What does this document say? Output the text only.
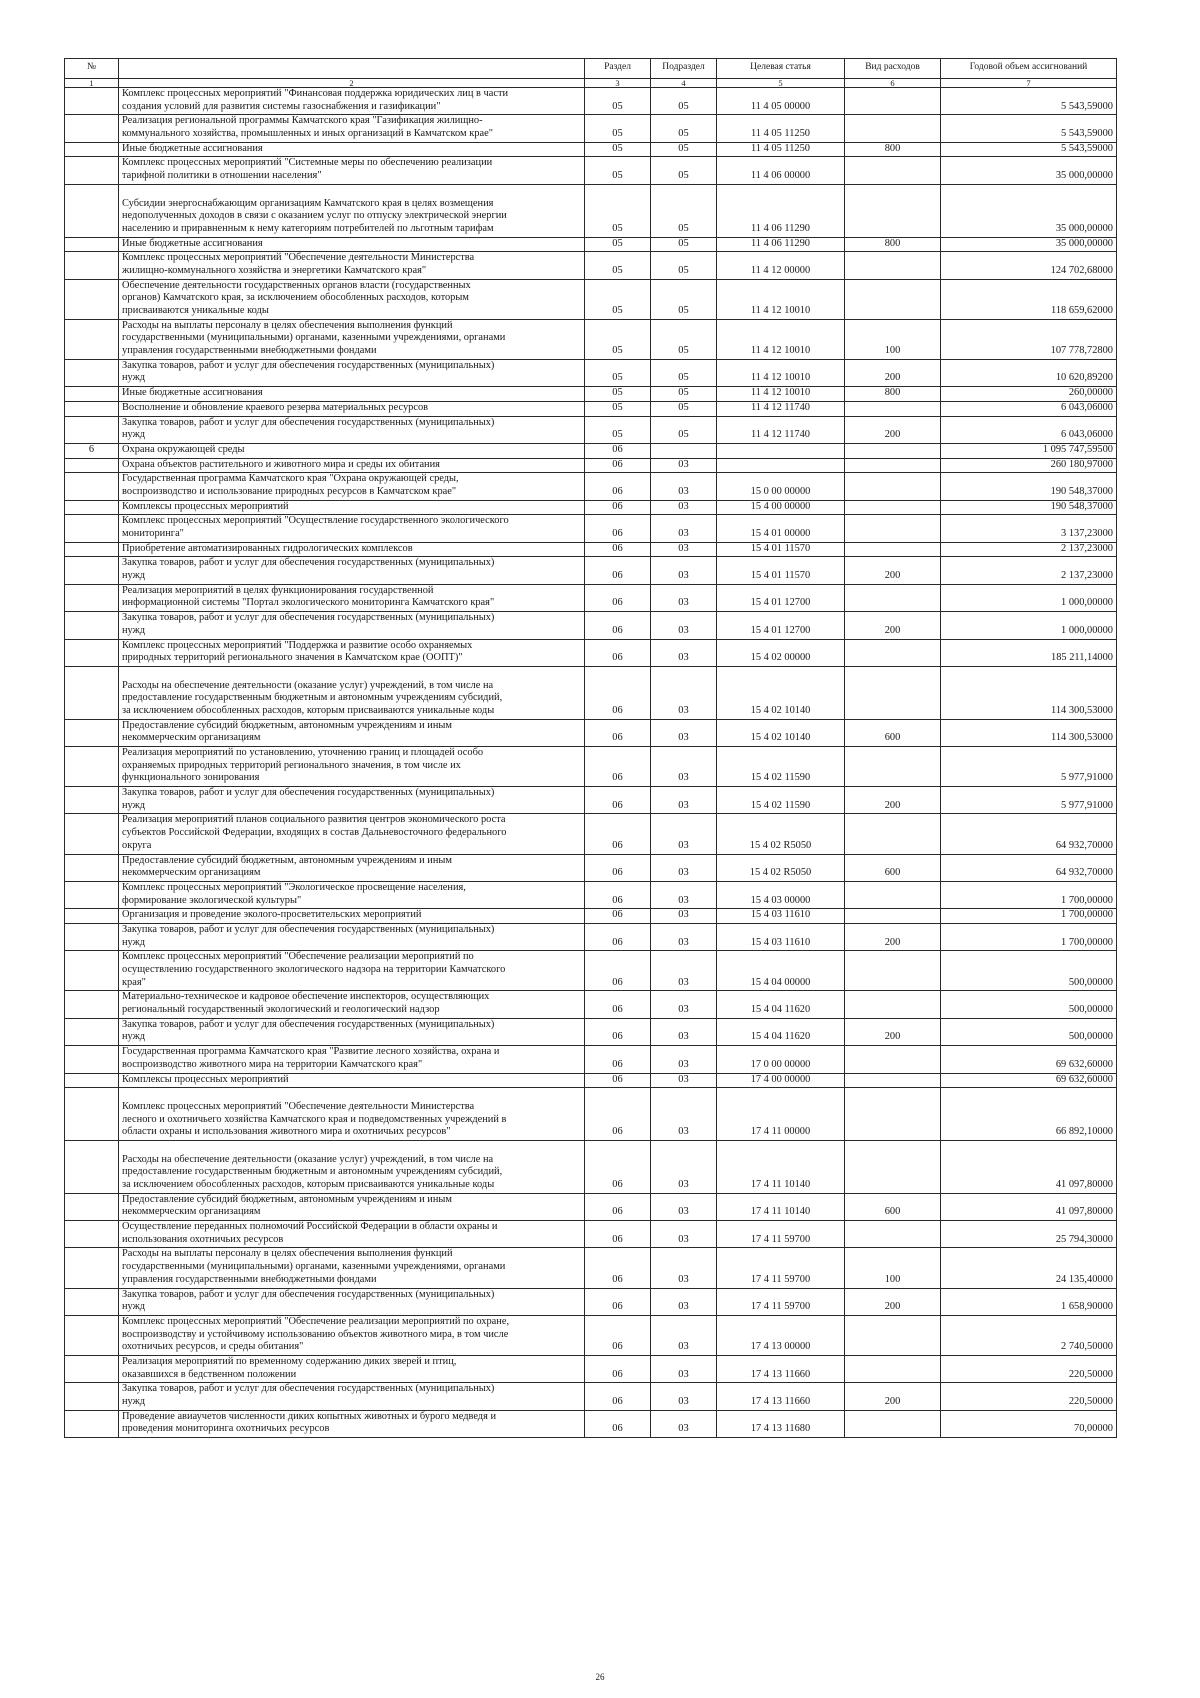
№		Раздел	Подраздел	Целевая статья	Вид расходов	Годовой объем ассигнований
1	2	3	4	5	6	7
	Комплекс процессных мероприятий "Финансовая поддержка юридических лиц в части
создания условий для развития системы газоснабжения и газификации"	05	05	11 4 05 00000		5 543,59000
	Реализация региональной программы Камчатского края "Газификация жилищно-
коммунального хозяйства, промышленных и иных организаций в Камчатском крае"	05	05	11 4 05 11250		5 543,59000
	Иные бюджетные ассигнования	05	05	11 4 05 11250	800	5 543,59000
	Комплекс процессных мероприятий "Системные меры по обеспечению реализации
тарифной политики в отношении населения"	05	05	11 4 06 00000		35 000,00000

Субсидии энергоснабжающим организациям Камчатского края в целях возмещения
недополученных доходов в связи с оказанием услуг по отпуску электрической энергии
населению и приравненным к нему категориям потребителей по льготным тарифам	05	05	11 4 06 11290		35 000,00000
	Иные бюджетные ассигнования	05	05	11 4 06 11290	800	35 000,00000
	Комплекс процессных мероприятий "Обеспечение деятельности Министерства
жилищно-коммунального хозяйства и энергетики Камчатского края"	05	05	11 4 12 00000		124 702,68000
	Обеспечение деятельности государственных органов власти (государственных
органов) Камчатского края, за исключением обособленных расходов, которым
присваиваются уникальные коды	05	05	11 4 12 10010		118 659,62000
	Расходы на выплаты персоналу в целях обеспечения выполнения функций
государственными (муниципальными) органами, казенными учреждениями, органами
управления государственными внебюджетными фондами	05	05	11 4 12 10010	100	107 778,72800
	Закупка товаров, работ и услуг для обеспечения государственных (муниципальных)
нужд	05	05	11 4 12 10010	200	10 620,89200
	Иные бюджетные ассигнования	05	05	11 4 12 10010	800	260,00000
	Восполнение и обновление краевого резерва материальных ресурсов	05	05	11 4 12 11740		6 043,06000
	Закупка товаров, работ и услуг для обеспечения государственных (муниципальных)
нужд	05	05	11 4 12 11740	200	6 043,06000
6	Охрана окружающей среды	06				1 095 747,59500
	Охрана объектов растительного и животного мира и среды их обитания	06	03			260 180,97000
	Государственная программа Камчатского края "Охрана окружающей среды,
воспроизводство и использование природных ресурсов в Камчатском крае"	06	03	15 0 00 00000		190 548,37000
	Комплексы процессных мероприятий	06	03	15 4 00 00000		190 548,37000
	Комплекс процессных мероприятий "Осуществление государственного экологического
мониторинга"	06	03	15 4 01 00000		3 137,23000
	Приобретение автоматизированных гидрологических комплексов	06	03	15 4 01 11570		2 137,23000
	Закупка товаров, работ и услуг для обеспечения государственных (муниципальных)
нужд	06	03	15 4 01 11570	200	2 137,23000
	Реализация мероприятий в целях функционирования государственной
информационной системы "Портал экологического мониторинга Камчатского края"	06	03	15 4 01 12700		1 000,00000
	Закупка товаров, работ и услуг для обеспечения государственных (муниципальных)
нужд	06	03	15 4 01 12700	200	1 000,00000
	Комплекс процессных мероприятий "Поддержка и развитие особо охраняемых
природных территорий регионального значения в Камчатском крае (ООПТ)"	06	03	15 4 02 00000		185 211,14000

Расходы на обеспечение деятельности (оказание услуг) учреждений, в том числе на
предоставление государственным бюджетным и автономным учреждениям субсидий,
за исключением обособленных расходов, которым присваиваются уникальные коды	06	03	15 4 02 10140		114 300,53000
	Предоставление субсидий бюджетным, автономным учреждениям и иным
некоммерческим организациям	06	03	15 4 02 10140	600	114 300,53000
	Реализация мероприятий по установлению, уточнению границ и площадей особо
охраняемых природных территорий регионального значения, в том числе их
функционального зонирования	06	03	15 4 02 11590		5 977,91000
	Закупка товаров, работ и услуг для обеспечения государственных (муниципальных)
нужд	06	03	15 4 02 11590	200	5 977,91000
	Реализация мероприятий планов социального развития центров экономического роста
субъектов Российской Федерации, входящих в состав Дальневосточного федерального
округа	06	03	15 4 02 R5050		64 932,70000
	Предоставление субсидий бюджетным, автономным учреждениям и иным
некоммерческим организациям	06	03	15 4 02 R5050	600	64 932,70000
	Комплекс процессных мероприятий "Экологическое просвещение населения,
формирование экологической культуры"	06	03	15 4 03 00000		1 700,00000
	Организация и проведение эколого-просветительских мероприятий	06	03	15 4 03 11610		1 700,00000
	Закупка товаров, работ и услуг для обеспечения государственных (муниципальных)
нужд	06	03	15 4 03 11610	200	1 700,00000
	Комплекс процессных мероприятий "Обеспечение реализации мероприятий по
осуществлению государственного экологического надзора на территории Камчатского
края"	06	03	15 4 04 00000		500,00000
	Материально-техническое и кадровое обеспечение инспекторов, осуществляющих
региональный государственный экологический и геологический надзор	06	03	15 4 04 11620		500,00000
	Закупка товаров, работ и услуг для обеспечения государственных (муниципальных)
нужд	06	03	15 4 04 11620	200	500,00000
	Государственная программа Камчатского края "Развитие лесного хозяйства, охрана и
воспроизводство животного мира на территории Камчатского края"	06	03	17 0 00 00000		69 632,60000
	Комплексы процессных мероприятий	06	03	17 4 00 00000		69 632,60000

Комплекс процессных мероприятий "Обеспечение деятельности Министерства
лесного и охотничьего хозяйства Камчатского края и подведомственных учреждений в
области охраны и использования животного мира и охотничьих ресурсов"	06	03	17 4 11 00000		66 892,10000

Расходы на обеспечение деятельности (оказание услуг) учреждений, в том числе на
предоставление государственным бюджетным и автономным учреждениям субсидий,
за исключением обособленных расходов, которым присваиваются уникальные коды	06	03	17 4 11 10140		41 097,80000
	Предоставление субсидий бюджетным, автономным учреждениям и иным
некоммерческим организациям	06	03	17 4 11 10140	600	41 097,80000
	Осуществление переданных полномочий Российской Федерации в области охраны и
использования охотничьих ресурсов	06	03	17 4 11 59700		25 794,30000
	Расходы на выплаты персоналу в целях обеспечения выполнения функций
государственными (муниципальными) органами, казенными учреждениями, органами
управления государственными внебюджетными фондами	06	03	17 4 11 59700	100	24 135,40000
	Закупка товаров, работ и услуг для обеспечения государственных (муниципальных)
нужд	06	03	17 4 11 59700	200	1 658,90000
	Комплекс процессных мероприятий "Обеспечение реализации мероприятий по охране,
воспроизводству и устойчивому использованию объектов животного мира, в том числе
охотничьих ресурсов, и среды обитания"	06	03	17 4 13 00000		2 740,50000
	Реализация мероприятий по временному содержанию диких зверей и птиц,
оказавшихся в бедственном положении	06	03	17 4 13 11660		220,50000
	Закупка товаров, работ и услуг для обеспечения государственных (муниципальных)
нужд	06	03	17 4 13 11660	200	220,50000
	Проведение авиаучетов численности диких копытных животных и бурого медведя и
проведения мониторинга охотничьих ресурсов	06	03	17 4 13 11680		70,00000
26
